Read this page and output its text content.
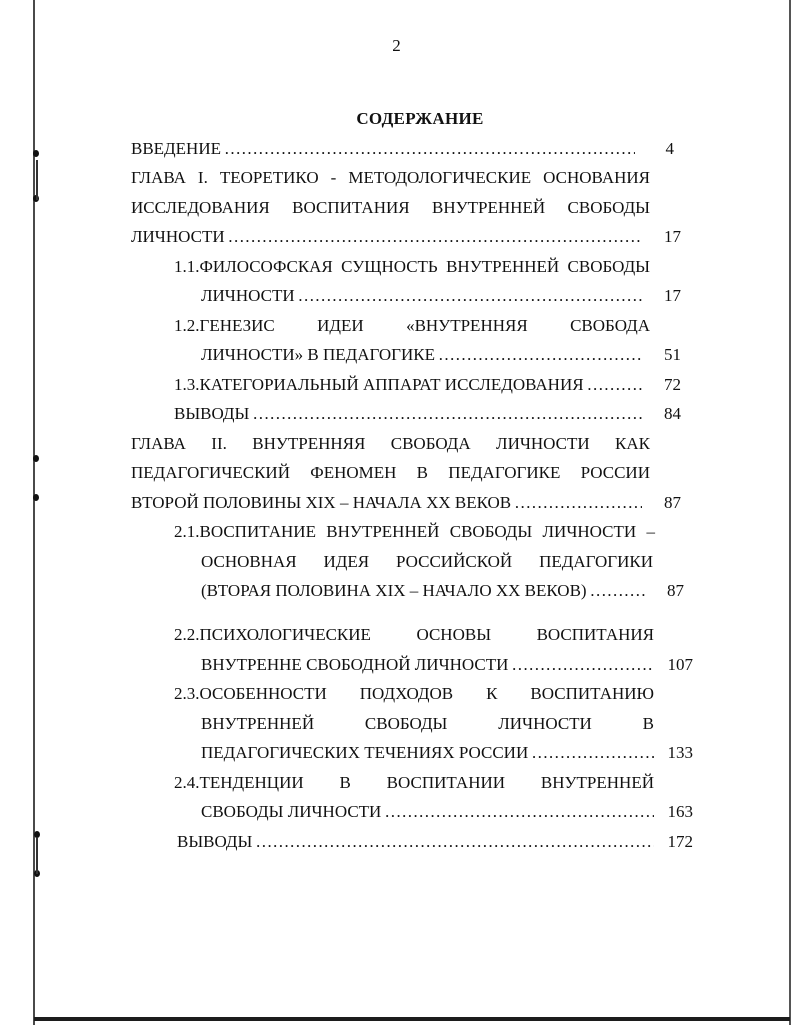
2
СОДЕРЖАНИЕ
ВВЕДЕНИЕ ……………………………………………………………………………………………………………………………………	4
ГЛАВА I. ТЕОРЕТИКО - МЕТОДОЛОГИЧЕСКИЕ ОСНОВАНИЯ
ИССЛЕДОВАНИЯ ВОСПИТАНИЯ ВНУТРЕННЕЙ СВОБОДЫ
ЛИЧНОСТИ ……………………………………………………………………………………………………………………………………	17
1.1.ФИЛОСОФСКАЯ СУЩНОСТЬ ВНУТРЕННЕЙ СВОБОДЫ
ЛИЧНОСТИ ……………………………………………………………………………………………………………………………………	17
1.2.ГЕНЕЗИС ИДЕИ «ВНУТРЕННЯЯ СВОБОДА
ЛИЧНОСТИ» В ПЕДАГОГИКЕ ……………………………………………………………………………………………………………………………………	51
1.3.КАТЕГОРИАЛЬНЫЙ АППАРАТ ИССЛЕДОВАНИЯ ……………………………………………………………………………………………………………………………………	72
ВЫВОДЫ ……………………………………………………………………………………………………………………………………	84
ГЛАВА II. ВНУТРЕННЯЯ СВОБОДА ЛИЧНОСТИ КАК
ПЕДАГОГИЧЕСКИЙ ФЕНОМЕН В ПЕДАГОГИКЕ РОССИИ
ВТОРОЙ ПОЛОВИНЫ XIX – НАЧАЛА XX ВЕКОВ ……………………………………………………………………………………………………………………………………	87
2.1.ВОСПИТАНИЕ ВНУТРЕННЕЙ СВОБОДЫ ЛИЧНОСТИ –
ОСНОВНАЯ ИДЕЯ РОССИЙСКОЙ ПЕДАГОГИКИ
(ВТОРАЯ ПОЛОВИНА XIX – НАЧАЛО XX ВЕКОВ) ……………………………………………………………………………………………………………………………………	87
2.2.ПСИХОЛОГИЧЕСКИЕ ОСНОВЫ ВОСПИТАНИЯ
ВНУТРЕННЕ СВОБОДНОЙ ЛИЧНОСТИ ……………………………………………………………………………………………………………………………………	107
2.3.ОСОБЕННОСТИ ПОДХОДОВ К ВОСПИТАНИЮ
ВНУТРЕННЕЙ СВОБОДЫ ЛИЧНОСТИ В
ПЕДАГОГИЧЕСКИХ ТЕЧЕНИЯХ РОССИИ ……………………………………………………………………………………………………………………………………	133
2.4.ТЕНДЕНЦИИ В ВОСПИТАНИИ ВНУТРЕННЕЙ
СВОБОДЫ ЛИЧНОСТИ ……………………………………………………………………………………………………………………………………	163
ВЫВОДЫ ……………………………………………………………………………………………………………………………………	172
